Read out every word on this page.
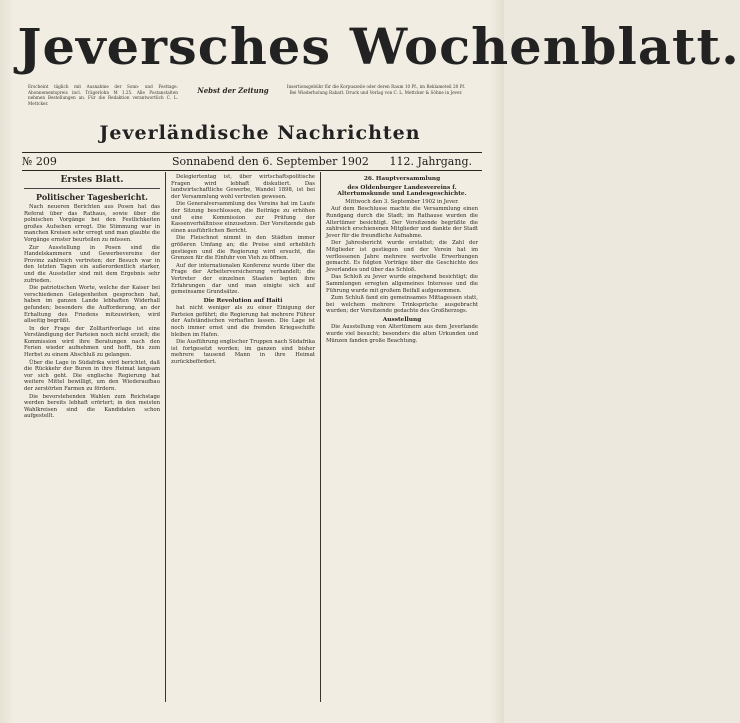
Jeversches Wochenblatt.
Erscheint täglich mit Ausnahme der Sonn- und Festtage. Abonnementspreis incl. Trägerlohn M 1.25. Alle Postanstalten nehmen Bestellungen an. Für die Redaktion verantwortlich C. L. Mettcker.
Nebst der Zeitung	Insertionsgebühr für die Korpuszeile oder deren Raum 10 Pf., im Reklameteil 20 Pf. Bei Wiederholung Rabatt. Druck und Verlag von C. L. Mettcker & Söhne in Jever.
Jeverländische Nachrichten
№ 209	Sonnabend den 6. September 1902 112. Jahrgang.
Erstes Blatt.
Politischer Tagesbericht.

Nach neueren Berichten aus Posen hat das Referat über das Rathaus, sowie über die polnischen Vorgänge bei den Festlichkeiten großes Aufsehen erregt. Die Stimmung war in manchen Kreisen sehr erregt und man glaubte die Vorgänge ernster beurteilen zu müssen.

Zur Ausstellung in Posen sind die Handelskammern und Gewerbevereine der Provinz zahlreich vertreten; der Besuch war in den letzten Tagen ein außerordentlich starker, und die Aussteller sind mit dem Ergebnis sehr zufrieden.

Die patriotischen Worte, welche der Kaiser bei verschiedenen Gelegenheiten gesprochen hat, haben im ganzen Lande lebhaften Widerhall gefunden; besonders die Aufforderung, an der Erhaltung des Friedens mitzuwirken, wird allseitig begrüßt.

In der Frage der Zolltarifvorlage ist eine Verständigung der Parteien noch nicht erzielt; die Kommission wird ihre Beratungen nach den Ferien wieder aufnehmen und hofft, bis zum Herbst zu einem Abschluß zu gelangen.

Über die Lage in Südafrika wird berichtet, daß die Rückkehr der Buren in ihre Heimat langsam vor sich geht. Die englische Regierung hat weitere Mittel bewilligt, um den Wiederaufbau der zerstörten Farmen zu fördern.

Die bevorstehenden Wahlen zum Reichstage werden bereits lebhaft erörtert; in den meisten Wahlkreisen sind die Kandidaten schon aufgestellt.

Delegiertentag ist, über wirtschaftspolitische Fragen wird lebhaft diskutiert. Das landwirtschaftliche Gewerbe, Wandel 1898, ist bei der Versammlung wohl vertreten gewesen.

Die Generalversammlung des Vereins hat im Laufe der Sitzung beschlossen, die Beiträge zu erhöhen und eine Kommission zur Prüfung der Kassenverhältnisse einzusetzen. Der Vorsitzende gab einen ausführlichen Bericht.

Die Fleischnot nimmt in den Städten immer größeren Umfang an; die Preise sind erheblich gestiegen und die Regierung wird ersucht, die Grenzen für die Einfuhr von Vieh zu öffnen.

Auf der internationalen Konferenz wurde über die Frage der Arbeiterversicherung verhandelt; die Vertreter der einzelnen Staaten legten ihre Erfahrungen dar und man einigte sich auf gemeinsame Grundsätze.

Die Revolution auf Haiti

hat nicht weniger als zu einer Einigung der Parteien geführt; die Regierung hat mehrere Führer der Aufständischen verhaften lassen. Die Lage ist noch immer ernst und die fremden Kriegsschiffe bleiben im Hafen.

Die Ausführung englischer Truppen nach Südafrika ist fortgesetzt worden; im ganzen sind bisher mehrere tausend Mann in ihre Heimat zurückbefördert.

26. Hauptversammlung

des Oldenburger Landesvereins f. Altertumskunde und Landesgeschichte.

Mittwoch den 3. September 1902 in Jever.

Auf dem Beschlusse machte die Versammlung einen Rundgang durch die Stadt; im Rathause wurden die Altertümer besichtigt. Der Vorsitzende begrüßte die zahlreich erschienenen Mitglieder und dankte der Stadt Jever für die freundliche Aufnahme.

Der Jahresbericht wurde erstattet; die Zahl der Mitglieder ist gestiegen und der Verein hat im verflossenen Jahre mehrere wertvolle Erwerbungen gemacht. Es folgten Vorträge über die Geschichte des Jeverlandes und über das Schloß.

Das Schloß zu Jever wurde eingehend besichtigt; die Sammlungen erregten allgemeines Interesse und die Führung wurde mit großem Beifall aufgenommen.

Zum Schluß fand ein gemeinsames Mittagessen statt, bei welchem mehrere Trinksprüche ausgebracht wurden; der Vorsitzende gedachte des Großherzogs.

Ausstellung

Die Ausstellung von Altertümern aus dem Jeverlande wurde viel besucht; besonders die alten Urkunden und Münzen fanden große Beachtung.
